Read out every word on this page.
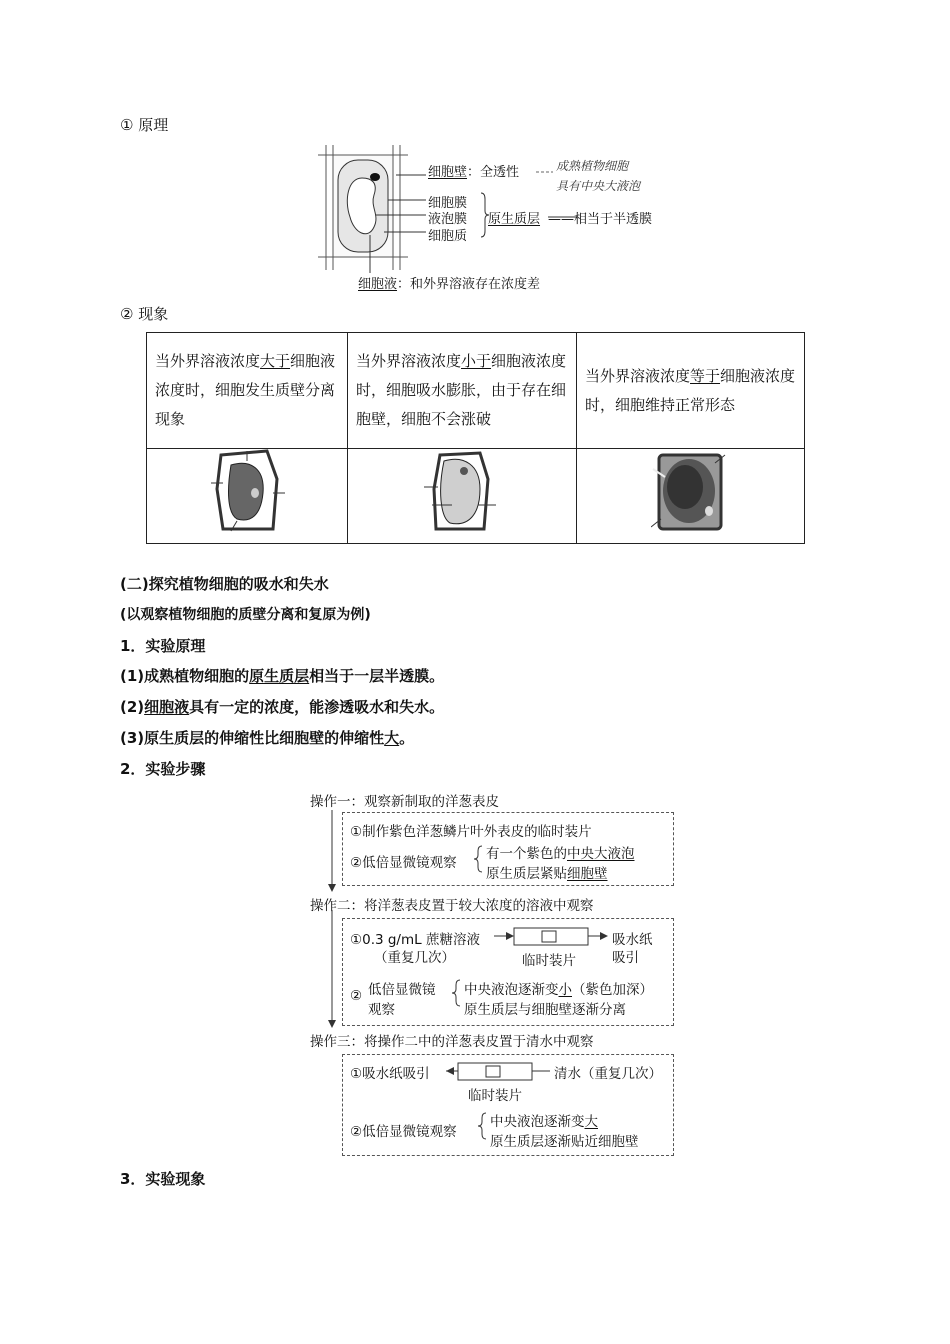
① 原理
细胞壁：全透性	成熟植物细胞
具有中央大液泡
细胞膜
液泡膜
细胞质
原生质层 ——相当于半透膜
细胞液：和外界溶液存在浓度差
② 现象
当外界溶液浓度大于细胞液浓度时，细胞发生质壁分离现象	当外界溶液浓度小于细胞液浓度时，细胞吸水膨胀，由于存在细胞壁，细胞不会涨破	当外界溶液浓度等于细胞液浓度时，细胞维持正常形态

(二)探究植物细胞的吸水和失水
(以观察植物细胞的质壁分离和复原为例)
1．实验原理
(1)成熟植物细胞的原生质层相当于一层半透膜。
(2)细胞液具有一定的浓度，能渗透吸水和失水。
(3)原生质层的伸缩性比细胞壁的伸缩性大。
2．实验步骤
操作一：观察新制取的洋葱表皮
①制作紫色洋葱鳞片叶外表皮的临时装片
②低倍显微镜观察
有一个紫色的中央大液泡
原生质层紧贴细胞壁
操作二：将洋葱表皮置于较大浓度的溶液中观察
①0.3 g/mL 蔗糖溶液
（重复几次）	临时装片
吸水纸
吸引
② 低倍显微镜
观察
中央液泡逐渐变小（紫色加深）
原生质层与细胞壁逐渐分离
操作三：将操作二中的洋葱表皮置于清水中观察
①吸水纸吸引	清水（重复几次）
临时装片
②低倍显微镜观察
中央液泡逐渐变大
原生质层逐渐贴近细胞壁
3．实验现象
